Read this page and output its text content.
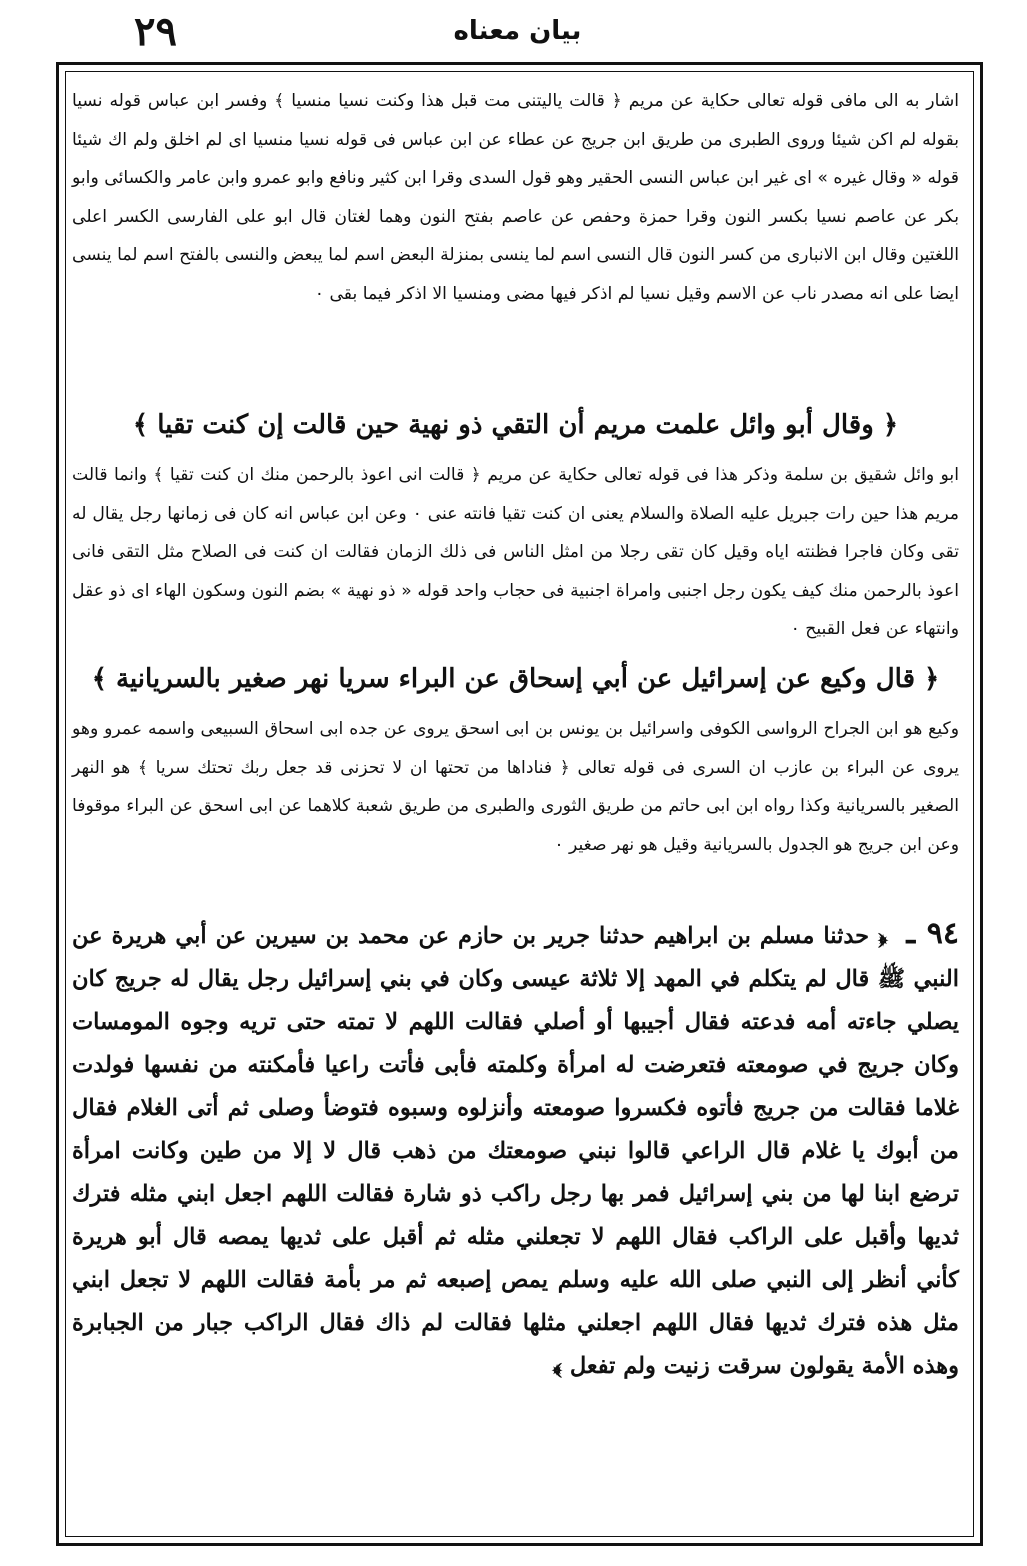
٢٩	بيان معناه

اشار به الى مافى قوله تعالى حكاية عن مريم ﴿ قالت ياليتنى مت قبل هذا وكنت نسيا منسيا ﴾ وفسر ابن عباس قوله نسيا بقوله لم اكن شيئا وروى الطبرى من طريق ابن جريج عن عطاء عن ابن عباس فى قوله نسيا منسيا اى لم اخلق ولم اك شيئا قوله « وقال غيره » اى غير ابن عباس النسى الحقير وهو قول السدى وقرا ابن كثير ونافع وابو عمرو وابن عامر والكسائى وابو بكر عن عاصم نسيا بكسر النون وقرا حمزة وحفص عن عاصم بفتح النون وهما لغتان قال ابو على الفارسى الكسر اعلى اللغتين وقال ابن الانبارى من كسر النون قال النسى اسم لما ينسى بمنزلة البعض اسم لما يبعض والنسى بالفتح اسم لما ينسى ايضا على انه مصدر ناب عن الاسم وقيل نسيا لم اذكر فيها مضى ومنسيا الا اذكر فيما بقى ٠

﴿ وقال أبو وائل علمت مريم أن التقي ذو نهية حين قالت إن كنت تقيا ﴾

ابو وائل شقيق بن سلمة وذكر هذا فى قوله تعالى حكاية عن مريم ﴿ قالت انى اعوذ بالرحمن منك ان كنت تقيا ﴾ وانما قالت مريم هذا حين رات جبريل عليه الصلاة والسلام يعنى ان كنت تقيا فانته عنى ٠ وعن ابن عباس انه كان فى زمانها رجل يقال له تقى وكان فاجرا فظنته اياه وقيل كان تقى رجلا من امثل الناس فى ذلك الزمان فقالت ان كنت فى الصلاح مثل التقى فانى اعوذ بالرحمن منك كيف يكون رجل اجنبى وامراة اجنبية فى حجاب واحد قوله « ذو نهية » بضم النون وسكون الهاء اى ذو عقل وانتهاء عن فعل القبيح ٠

﴿ قال وكيع عن إسرائيل عن أبي إسحاق عن البراء سريا نهر صغير بالسريانية ﴾

وكيع هو ابن الجراح الرواسى الكوفى واسرائيل بن يونس بن ابى اسحق يروى عن جده ابى اسحاق السبيعى واسمه عمرو وهو يروى عن البراء بن عازب ان السرى فى قوله تعالى ﴿ فناداها من تحتها ان لا تحزنى قد جعل ربك تحتك سريا ﴾ هو النهر الصغير بالسريانية وكذا رواه ابن ابى حاتم من طريق الثورى والطبرى من طريق شعبة كلاهما عن ابى اسحق عن البراء موقوفا وعن ابن جريج هو الجدول بالسريانية وقيل هو نهر صغير ٠

٩٤ ـ ﴿ حدثنا مسلم بن ابراهيم حدثنا جرير بن حازم عن محمد بن سيرين عن أبي هريرة عن النبي ﷺ قال لم يتكلم في المهد إلا ثلاثة عيسى وكان في بني إسرائيل رجل يقال له جريج كان يصلي جاءته أمه فدعته فقال أجيبها أو أصلي فقالت اللهم لا تمته حتى تريه وجوه المومسات وكان جريج في صومعته فتعرضت له امرأة وكلمته فأبى فأتت راعيا فأمكنته من نفسها فولدت غلاما فقالت من جريج فأتوه فكسروا صومعته وأنزلوه وسبوه فتوضأ وصلى ثم أتى الغلام فقال من أبوك يا غلام قال الراعي قالوا نبني صومعتك من ذهب قال لا إلا من طين وكانت امرأة ترضع ابنا لها من بني إسرائيل فمر بها رجل راكب ذو شارة فقالت اللهم اجعل ابني مثله فترك ثديها وأقبل على الراكب فقال اللهم لا تجعلني مثله ثم أقبل على ثديها يمصه قال أبو هريرة كأني أنظر إلى النبي صلى الله عليه وسلم يمص إصبعه ثم مر بأمة فقالت اللهم لا تجعل ابني مثل هذه فترك ثديها فقال اللهم اجعلني مثلها فقالت لم ذاك فقال الراكب جبار من الجبابرة وهذه الأمة يقولون سرقت زنيت ولم تفعل ﴾
